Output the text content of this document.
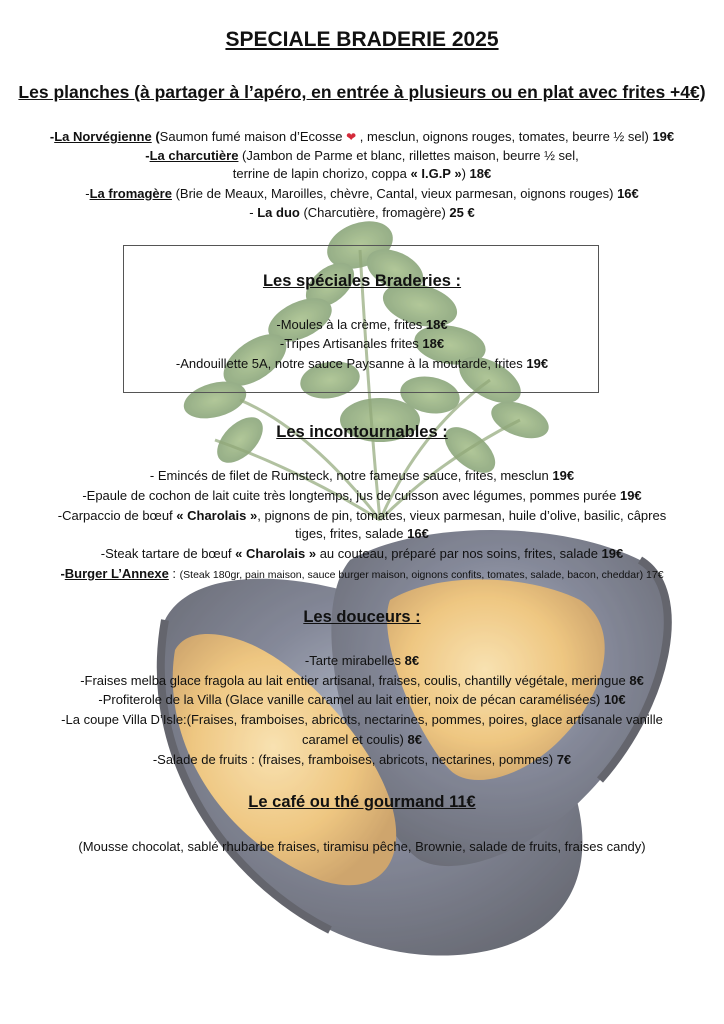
SPECIALE BRADERIE 2025
Les planches (à partager à l’apéro, en entrée à plusieurs ou en plat avec frites +4€)
-La Norvégienne (Saumon fumé maison d’Ecosse ❤ , mesclun, oignons rouges, tomates, beurre ½ sel) 19€
-La charcutière (Jambon de Parme et blanc, rillettes maison, beurre ½ sel,
terrine de lapin chorizo, coppa « I.G.P ») 18€
-La fromagère (Brie de Meaux, Maroilles, chèvre, Cantal, vieux parmesan, oignons rouges) 16€
- La duo (Charcutière, fromagère) 25 €
Les spéciales Braderies :
-Moules à la crème, frites 18€
-Tripes Artisanales frites 18€
-Andouillette 5A, notre sauce Paysanne à la moutarde, frites 19€
Les incontournables :
- Emincés de filet de Rumsteck, notre fameuse sauce, frites, mesclun 19€
-Epaule de cochon de lait cuite très longtemps, jus de cuisson avec légumes, pommes purée 19€
-Carpaccio de bœuf « Charolais », pignons de pin, tomates, vieux parmesan, huile d’olive, basilic, câpres
tiges, frites, salade 16€
-Steak tartare de bœuf « Charolais » au couteau, préparé par nos soins, frites, salade 19€
-Burger L’Annexe : (Steak 180gr, pain maison, sauce burger maison, oignons confits, tomates, salade, bacon, cheddar) 17€
Les douceurs :
-Tarte mirabelles 8€
-Fraises melba glace fragola au lait entier artisanal, fraises, coulis, chantilly végétale, meringue 8€
-Profiterole de la Villa (Glace vanille caramel au lait entier, noix de pécan caramélisées) 10€
-La coupe Villa D’Isle:(Fraises, framboises, abricots, nectarines, pommes, poires, glace artisanale vanille
caramel et coulis) 8€
-Salade de fruits : (fraises, framboises, abricots, nectarines, pommes) 7€
Le café ou thé gourmand 11€
(Mousse chocolat, sablé rhubarbe fraises, tiramisu pêche, Brownie, salade de fruits, fraises candy)
